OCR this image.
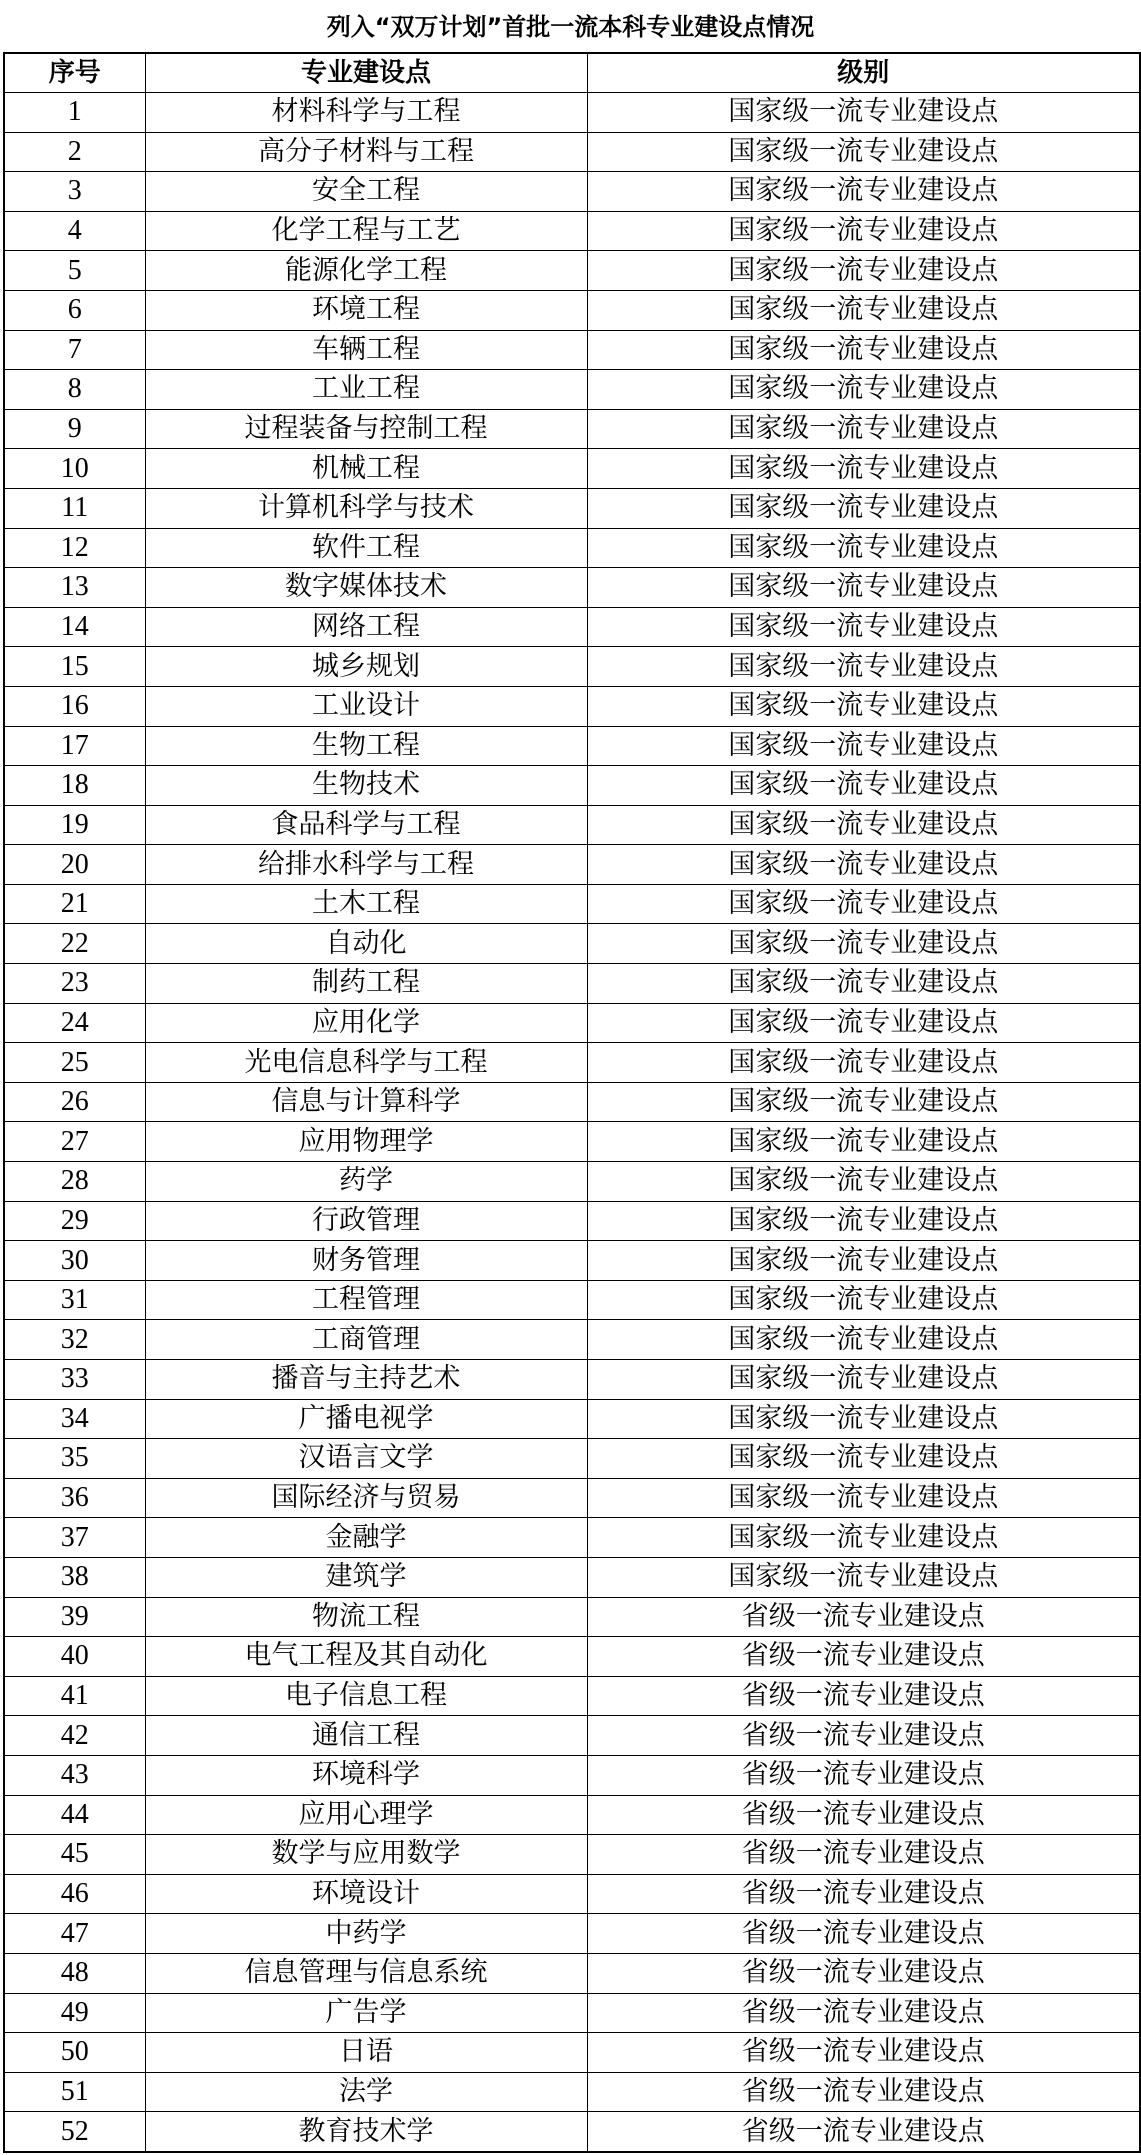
列入“双万计划”首批一流本科专业建设点情况
序号	专业建设点	级别
1	材料科学与工程	国家级一流专业建设点
2	高分子材料与工程	国家级一流专业建设点
3	安全工程	国家级一流专业建设点
4	化学工程与工艺	国家级一流专业建设点
5	能源化学工程	国家级一流专业建设点
6	环境工程	国家级一流专业建设点
7	车辆工程	国家级一流专业建设点
8	工业工程	国家级一流专业建设点
9	过程装备与控制工程	国家级一流专业建设点
10	机械工程	国家级一流专业建设点
11	计算机科学与技术	国家级一流专业建设点
12	软件工程	国家级一流专业建设点
13	数字媒体技术	国家级一流专业建设点
14	网络工程	国家级一流专业建设点
15	城乡规划	国家级一流专业建设点
16	工业设计	国家级一流专业建设点
17	生物工程	国家级一流专业建设点
18	生物技术	国家级一流专业建设点
19	食品科学与工程	国家级一流专业建设点
20	给排水科学与工程	国家级一流专业建设点
21	土木工程	国家级一流专业建设点
22	自动化	国家级一流专业建设点
23	制药工程	国家级一流专业建设点
24	应用化学	国家级一流专业建设点
25	光电信息科学与工程	国家级一流专业建设点
26	信息与计算科学	国家级一流专业建设点
27	应用物理学	国家级一流专业建设点
28	药学	国家级一流专业建设点
29	行政管理	国家级一流专业建设点
30	财务管理	国家级一流专业建设点
31	工程管理	国家级一流专业建设点
32	工商管理	国家级一流专业建设点
33	播音与主持艺术	国家级一流专业建设点
34	广播电视学	国家级一流专业建设点
35	汉语言文学	国家级一流专业建设点
36	国际经济与贸易	国家级一流专业建设点
37	金融学	国家级一流专业建设点
38	建筑学	国家级一流专业建设点
39	物流工程	省级一流专业建设点
40	电气工程及其自动化	省级一流专业建设点
41	电子信息工程	省级一流专业建设点
42	通信工程	省级一流专业建设点
43	环境科学	省级一流专业建设点
44	应用心理学	省级一流专业建设点
45	数学与应用数学	省级一流专业建设点
46	环境设计	省级一流专业建设点
47	中药学	省级一流专业建设点
48	信息管理与信息系统	省级一流专业建设点
49	广告学	省级一流专业建设点
50	日语	省级一流专业建设点
51	法学	省级一流专业建设点
52	教育技术学	省级一流专业建设点
